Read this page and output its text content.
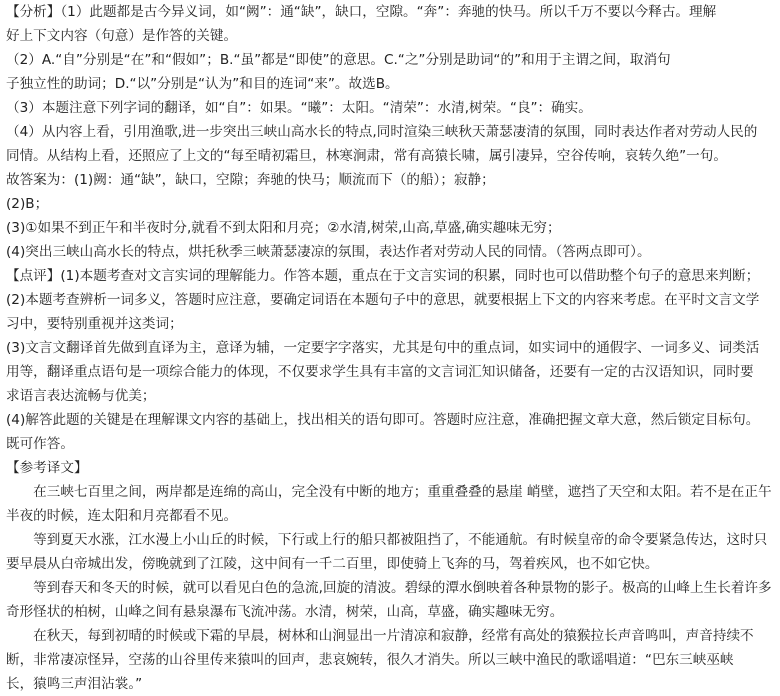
【分析】（1）此题都是古今异义词，如“阙”：通“缺”，缺口，空隙。“奔”：奔驰的快马。所以千万不要以今释古。理解
好上下文内容（句意）是作答的关键。
（2）A.“自”分别是“在”和“假如”；B.“虽”都是“即使”的意思。C.“之”分别是助词“的”和用于主谓之间，取消句
子独立性的助词；D.“以”分别是“认为”和目的连词“来”。故选B。
（3）本题注意下列字词的翻译，如“自”：如果。“曦”：太阳。“清荣”：水清,树荣。“良”：确实。
（4）从内容上看，引用渔歌,进一步突出三峡山高水长的特点,同时渲染三峡秋天萧瑟凄清的氛围，同时表达作者对劳动人民的
同情。从结构上看，还照应了上文的“每至晴初霜旦，林寒涧肃，常有高猿长啸，属引凄异，空谷传响，哀转久绝”一句。
故答案为：(1)阙：通“缺”，缺口，空隙；奔驰的快马；顺流而下（的船）；寂静；
(2)B；
(3)①如果不到正午和半夜时分,就看不到太阳和月亮；②水清,树荣,山高,草盛,确实趣味无穷；
(4)突出三峡山高水长的特点，烘托秋季三峡萧瑟凄凉的氛围，表达作者对劳动人民的同情。（答两点即可）。
【点评】(1)本题考查对文言实词的理解能力。作答本题，重点在于文言实词的积累，同时也可以借助整个句子的意思来判断；
(2)本题考查辨析一词多义，答题时应注意，要确定词语在本题句子中的意思，就要根据上下文的内容来考虑。在平时文言文学
习中，要特别重视并这类词；
(3)文言文翻译首先做到直译为主，意译为辅，一定要字字落实，尤其是句中的重点词，如实词中的通假字、一词多义、词类活
用等，翻译重点语句是一项综合能力的体现，不仅要求学生具有丰富的文言词汇知识储备，还要有一定的古汉语知识，同时要
求语言表达流畅与优美；
(4)解答此题的关键是在理解课文内容的基础上，找出相关的语句即可。答题时应注意，准确把握文章大意，然后锁定目标句。
既可作答。
【参考译文】
　　在三峡七百里之间，两岸都是连绵的高山，完全没有中断的地方；重重叠叠的悬崖 峭壁，遮挡了天空和太阳。若不是在正午
半夜的时候，连太阳和月亮都看不见。
　　等到夏天水涨，江水漫上小山丘的时候，下行或上行的船只都被阻挡了，不能通航。有时候皇帝的命令要紧急传达，这时只
要早晨从白帝城出发，傍晚就到了江陵，这中间有一千二百里，即使骑上飞奔的马，驾着疾风，也不如它快。
　　等到春天和冬天的时候，就可以看见白色的急流,回旋的清波。碧绿的潭水倒映着各种景物的影子。极高的山峰上生长着许多
奇形怪状的柏树，山峰之间有悬泉瀑布飞流冲荡。水清，树荣，山高，草盛，确实趣味无穷。
　　在秋天，每到初晴的时候或下霜的早晨，树林和山涧显出一片清凉和寂静，经常有高处的猿猴拉长声音鸣叫，声音持续不
断，非常凄凉怪异，空荡的山谷里传来猿叫的回声，悲哀婉转，很久才消失。所以三峡中渔民的歌谣唱道：“巴东三峡巫峡
长，猿鸣三声泪沾裳。”
